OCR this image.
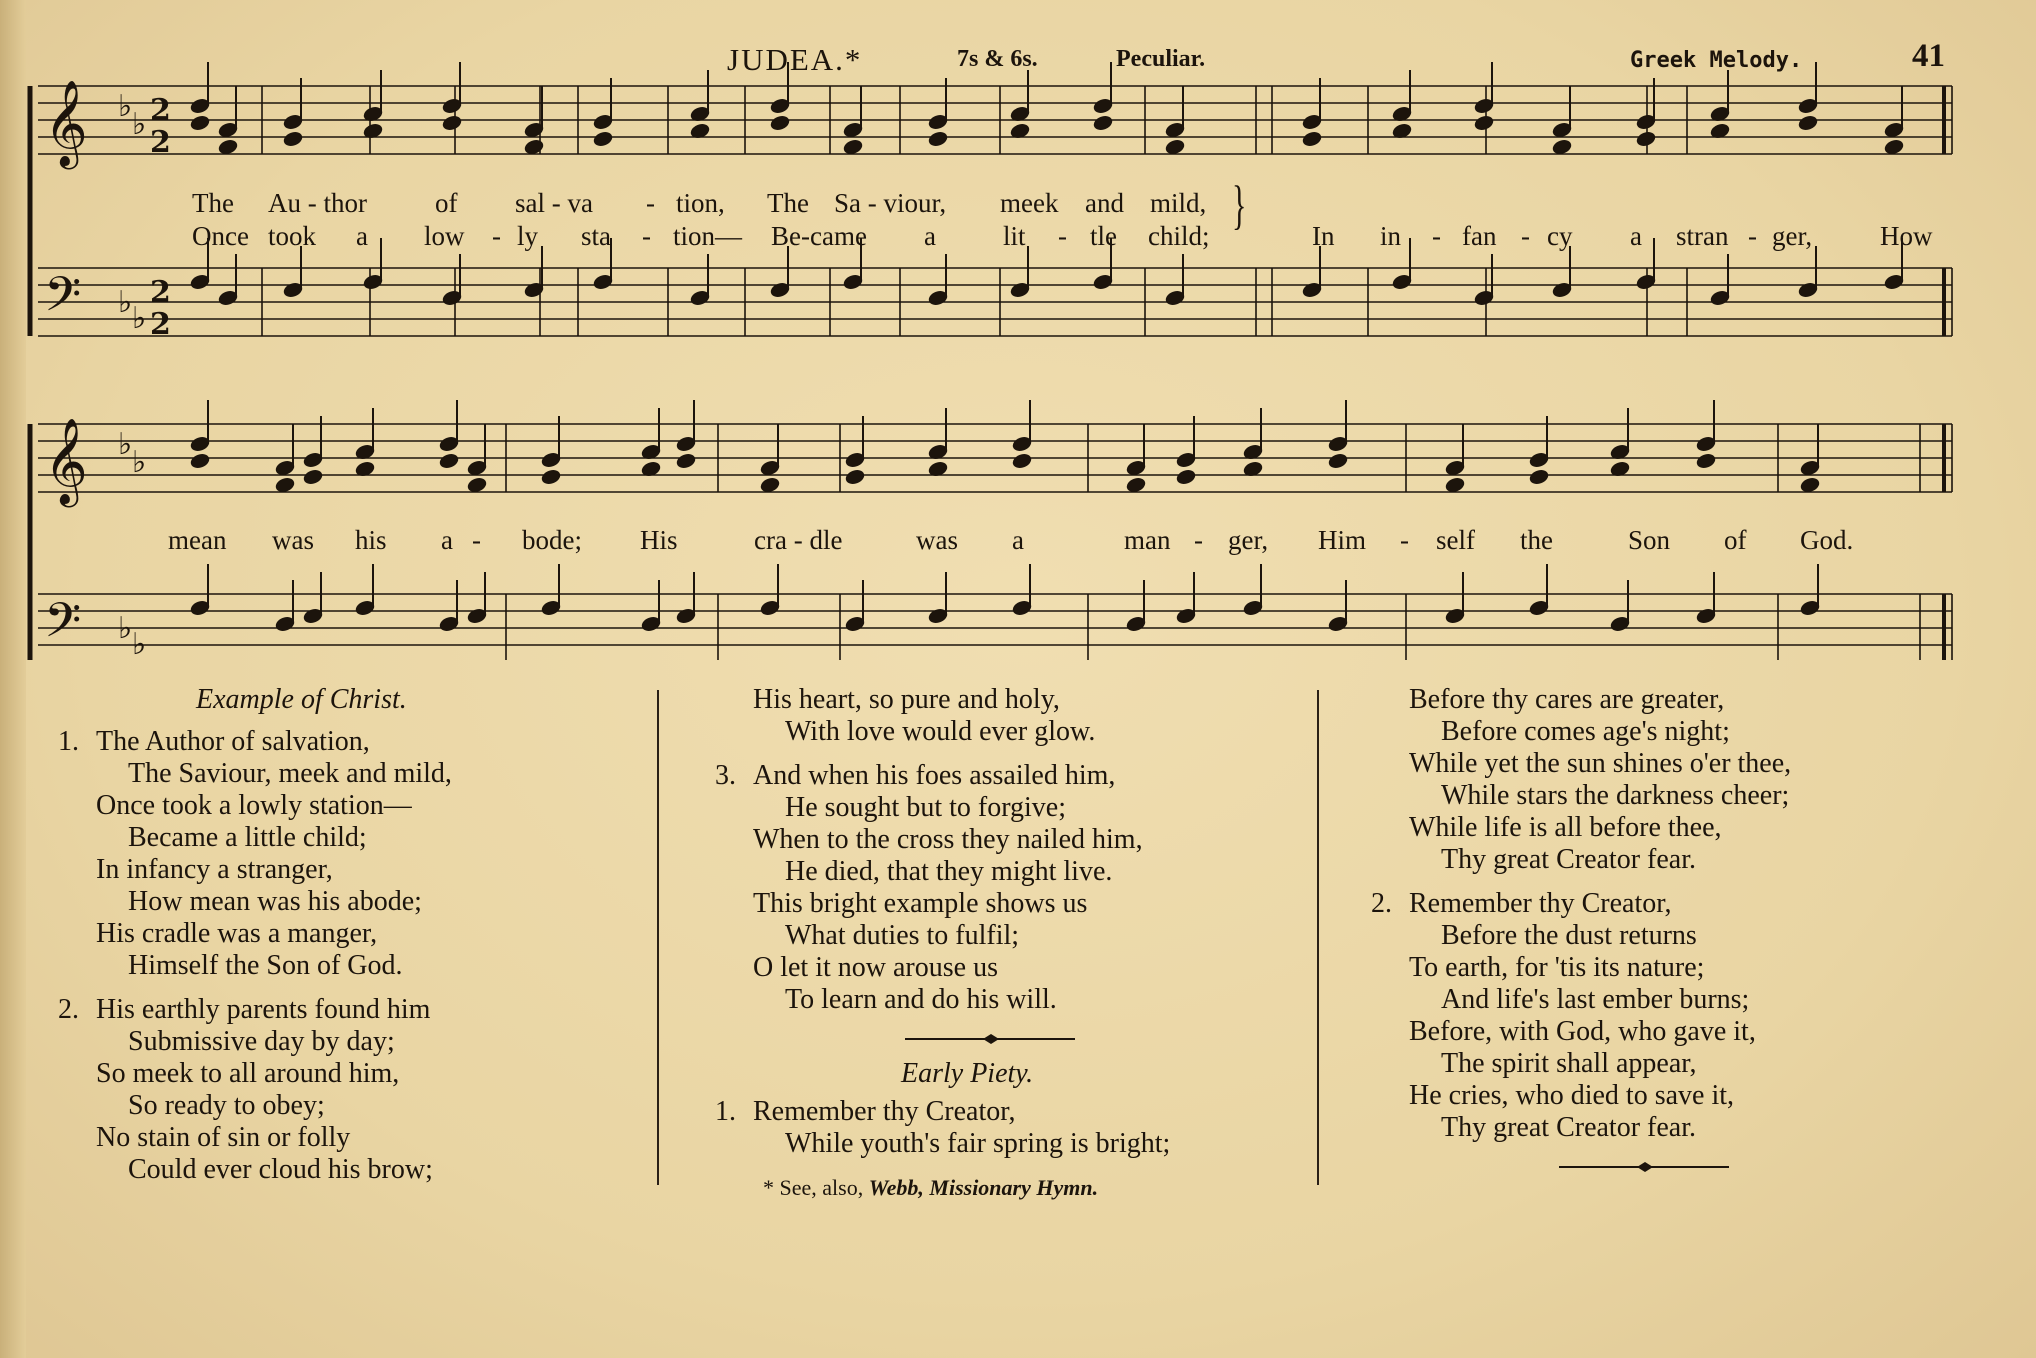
JUDEA.*	7s & 6s.	Peculiar.	Greek Melody.	41
𝄞 ♭
♭ 2
2
𝄢 ♭ ♭
2
2
𝄞 ♭
♭
𝄢 ♭ ♭
The Au - thor	of sal - va - tion, The Sa - viour, meek and mild,
Once took a low - ly sta - tion— Be-came a lit - tle child;
}
In in - fan - cy a stran - ger,	How
mean was his a - bode; His	cra - dle	was a	man - ger, Him - self the	Son of God.
Example of Christ.
1. The Author of salvation,
The Saviour, meek and mild,
Once took a lowly station—
Became a little child;
In infancy a stranger,
How mean was his abode;
His cradle was a manger,
Himself the Son of God.
2. His earthly parents found him
Submissive day by day;
So meek to all around him,
So ready to obey;
No stain of sin or folly
Could ever cloud his brow;
His heart, so pure and holy,
With love would ever glow.
3. And when his foes assailed him,
He sought but to forgive;
When to the cross they nailed him,
He died, that they might live.
This bright example shows us
What duties to fulfil;
O let it now arouse us
To learn and do his will.
Early Piety.
1. Remember thy Creator,
While youth's fair spring is bright;
* See, also, Webb, Missionary Hymn.
Before thy cares are greater,
Before comes age's night;
While yet the sun shines o'er thee,
While stars the darkness cheer;
While life is all before thee,
Thy great Creator fear.
2. Remember thy Creator,
Before the dust returns
To earth, for 'tis its nature;
And life's last ember burns;
Before, with God, who gave it,
The spirit shall appear,
He cries, who died to save it,
Thy great Creator fear.
